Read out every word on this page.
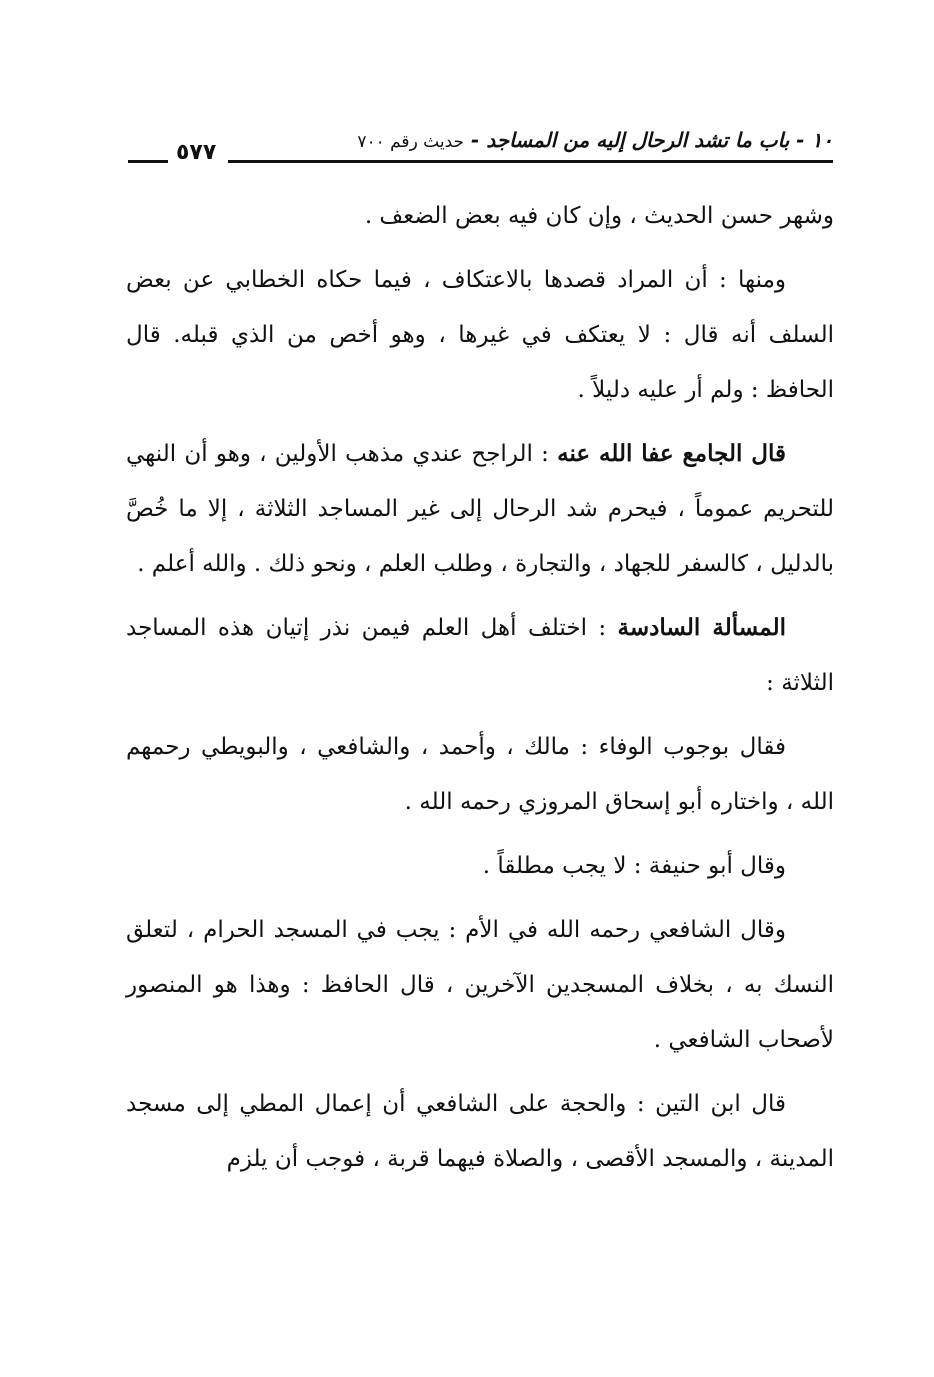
١٠ - باب ما تشد الرحال إليه من المساجد - حديث رقم ٧٠٠
٥٧٧

وشهر حسن الحديث ، وإن كان فيه بعض الضعف .

ومنها : أن المراد قصدها بالاعتكاف ، فيما حكاه الخطابي عن بعض السلف أنه قال : لا يعتكف في غيرها ، وهو أخص من الذي قبله. قال الحافظ : ولم أر عليه دليلاً .

قال الجامع عفا الله عنه : الراجح عندي مذهب الأولين ، وهو أن النهي للتحريم عموماً ، فيحرم شد الرحال إلى غير المساجد الثلاثة ، إلا ما خُصَّ بالدليل ، كالسفر للجهاد ، والتجارة ، وطلب العلم ، ونحو ذلك . والله أعلم .

المسألة السادسة : اختلف أهل العلم فيمن نذر إتيان هذه المساجد الثلاثة :

فقال بوجوب الوفاء : مالك ، وأحمد ، والشافعي ، والبويطي رحمهم الله ، واختاره أبو إسحاق المروزي رحمه الله .

وقال أبو حنيفة : لا يجب مطلقاً .

وقال الشافعي رحمه الله في الأم : يجب في المسجد الحرام ، لتعلق النسك به ، بخلاف المسجدين الآخرين ، قال الحافظ : وهذا هو المنصور لأصحاب الشافعي .

قال ابن التين : والحجة على الشافعي أن إعمال المطي إلى مسجد المدينة ، والمسجد الأقصى ، والصلاة فيهما قربة ، فوجب أن يلزم
